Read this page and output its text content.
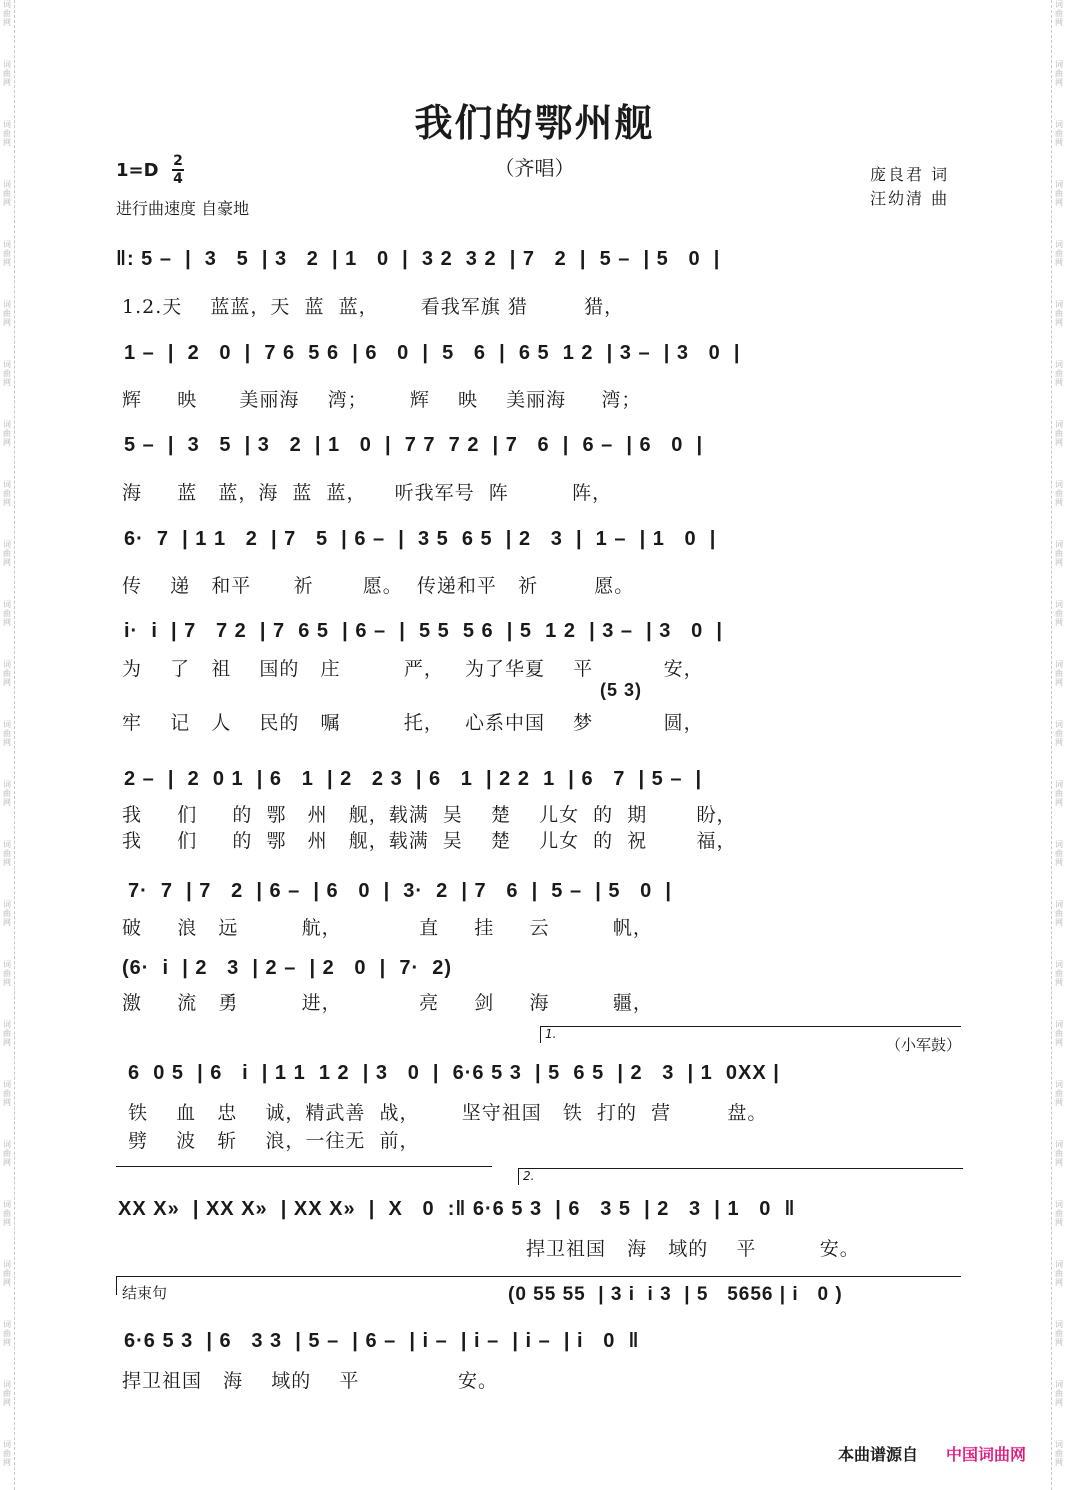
词
曲
网
词
曲
网
词
曲
网
词
曲
网
词
曲
网
词
曲
网
词
曲
网
词
曲
网
词
曲
网
词
曲
网
词
曲
网
词
曲
网
词
曲
网
词
曲
网
词
曲
网
词
曲
网
词
曲
网
词
曲
网
词
曲
网
词
曲
网
词
曲
网
词
曲
网
词
曲
网
词
曲
网
词
曲
网
词
曲
网
词
曲
网
词
曲
网
词
曲
网
词
曲
网
词
曲
网
词
曲
网
词
曲
网
词
曲
网
词
曲
网
词
曲
网
词
曲
网
词
曲
网
词
曲
网
词
曲
网
词
曲
网
词
曲
网
词
曲
网
词
曲
网
词
曲
网
词
曲
网
词
曲
网
词
曲
网
词
曲
网
词
曲
网
我们的鄂州舰
（齐唱）
1=D 2
4
进行曲速度 自豪地
庞良君 词
汪幼清 曲
‖: 5 –  |  3   5  | 3   2  | 1   0  |  3 2  3 2  | 7   2  |  5 –  | 5   0  |
1.2.天    蓝蓝，天  蓝  蓝，      看我军旗 猎        猎，
1 –  |  2   0  |  7 6  5 6  | 6   0  |  5   6  |  6 5  1 2  | 3 –  | 3   0  |
辉     映      美丽海    湾；      辉    映    美丽海     湾；
5 –  |  3   5  | 3   2  | 1   0  |  7 7  7 2  | 7   6  |  6 –  | 6   0  |
海     蓝   蓝，海  蓝  蓝，    听我军号  阵         阵，
6·  7  | 1 1   2  | 7   5  | 6 –  |  3 5  6 5  | 2   3  |  1 –  | 1   0  |
传    递   和平      祈       愿。  传递和平   祈        愿。
i·  i  | 7   7 2  | 7  6 5  | 6 –  |  5 5  5 6  | 5  1 2  | 3 –  | 3   0  |
为    了   祖    国的   庄         严，   为了华夏    平          安，
(5 3)
牢    记   人    民的   嘱         托，   心系中国    梦          圆，
2 –  |  2  0 1  | 6   1  | 2   2 3  | 6   1  | 2 2  1  | 6   7  | 5 –  |
我     们     的  鄂   州   舰，载满  吴    楚    儿女  的  期       盼，
我     们     的  鄂   州   舰，载满  吴    楚    儿女  的  祝       福，
7·  7  | 7   2  | 6 –  | 6   0  |  3·  2  | 7   6  |  5 –  | 5   0  |
破     浪   远         航，           直     挂     云         帆，
(6·  i  | 2   3  | 2 –  | 2   0  |  7·  2)
激     流   勇         进，           亮     剑     海         疆，
1.
（小军鼓）
6  0 5  | 6   i  | 1 1  1 2  | 3   0  |  6·6 5 3  | 5  6 5  | 2   3  | 1  0XX |
铁    血   忠    诚，精武善  战，      坚守祖国   铁  打的  营        盘。
劈    波   斩    浪，一往无  前，
2.
XX X»  | XX X»  | XX X»  |  X   0  :‖ 6·6 5 3  | 6   3 5  | 2   3  | 1   0  ‖
捍卫祖国   海   域的    平         安。
结束句	(0 55 55  | 3 i  i 3  | 5   5656 | i   0 )
6·6 5 3  | 6   3 3  | 5 –  | 6 –  | i –  | i –  | i –  | i   0  ‖
捍卫祖国   海    域的    平              安。
本曲谱源自 中国词曲网
